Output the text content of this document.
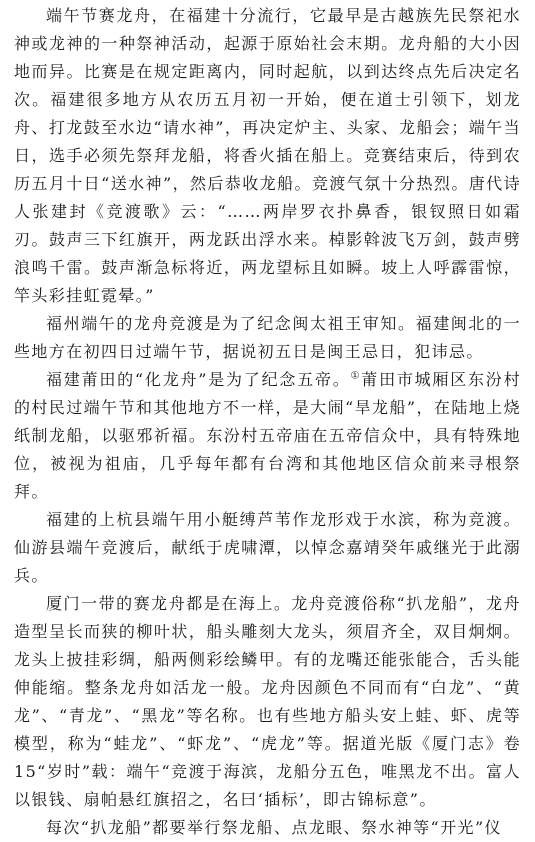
端午节赛龙舟，在福建十分流行，它最早是古越族先民祭祀水神或龙神的一种祭神活动，起源于原始社会末期。龙舟船的大小因地而异。比赛是在规定距离内，同时起航，以到达终点先后决定名次。福建很多地方从农历五月初一开始，便在道士引领下，划龙舟、打龙鼓至水边“请水神”，再决定炉主、头家、龙船会；端午当日，选手必须先祭拜龙船，将香火插在船上。竞赛结束后，待到农历五月十日“送水神”，然后恭收龙船。竞渡气氛十分热烈。唐代诗人张建封《竞渡歌》云：“……两岸罗衣扑鼻香，银钗照日如霜刃。鼓声三下红旗开，两龙跃出浮水来。棹影斡波飞万剑，鼓声劈浪鸣千雷。鼓声渐急标将近，两龙望标且如瞬。坡上人呼霹雷惊，竿头彩挂虹霓晕。”

福州端午的龙舟竞渡是为了纪念闽太祖王审知。福建闽北的一些地方在初四日过端午节，据说初五日是闽王忌日，犯讳忌。

福建莆田的“化龙舟”是为了纪念五帝。①莆田市城厢区东汾村的村民过端午节和其他地方不一样，是大闹“旱龙船”，在陆地上烧纸制龙船，以驱邪祈福。东汾村五帝庙在五帝信众中，具有特殊地位，被视为祖庙，几乎每年都有台湾和其他地区信众前来寻根祭拜。

福建的上杭县端午用小艇缚芦苇作龙形戏于水滨，称为竞渡。仙游县端午竞渡后，献纸于虎啸潭，以悼念嘉靖癸年戚继光于此溺兵。

厦门一带的赛龙舟都是在海上。龙舟竞渡俗称“扒龙船”，龙舟造型呈长而狭的柳叶状，船头雕刻大龙头，须眉齐全，双目炯炯。龙头上披挂彩绸，船两侧彩绘鳞甲。有的龙嘴还能张能合，舌头能伸能缩。整条龙舟如活龙一般。龙舟因颜色不同而有“白龙”、“黄龙”、“青龙”、“黑龙”等名称。也有些地方船头安上蛙、虾、虎等模型，称为“蛙龙”、“虾龙”、“虎龙”等。据道光版《厦门志》卷15“岁时”载：端午“竞渡于海滨，龙船分五色，唯黑龙不出。富人以银钱、扇帕悬红旗招之，名曰‘插标’，即古锦标意”。

每次“扒龙船”都要举行祭龙船、点龙眼、祭水神等“开光”仪
